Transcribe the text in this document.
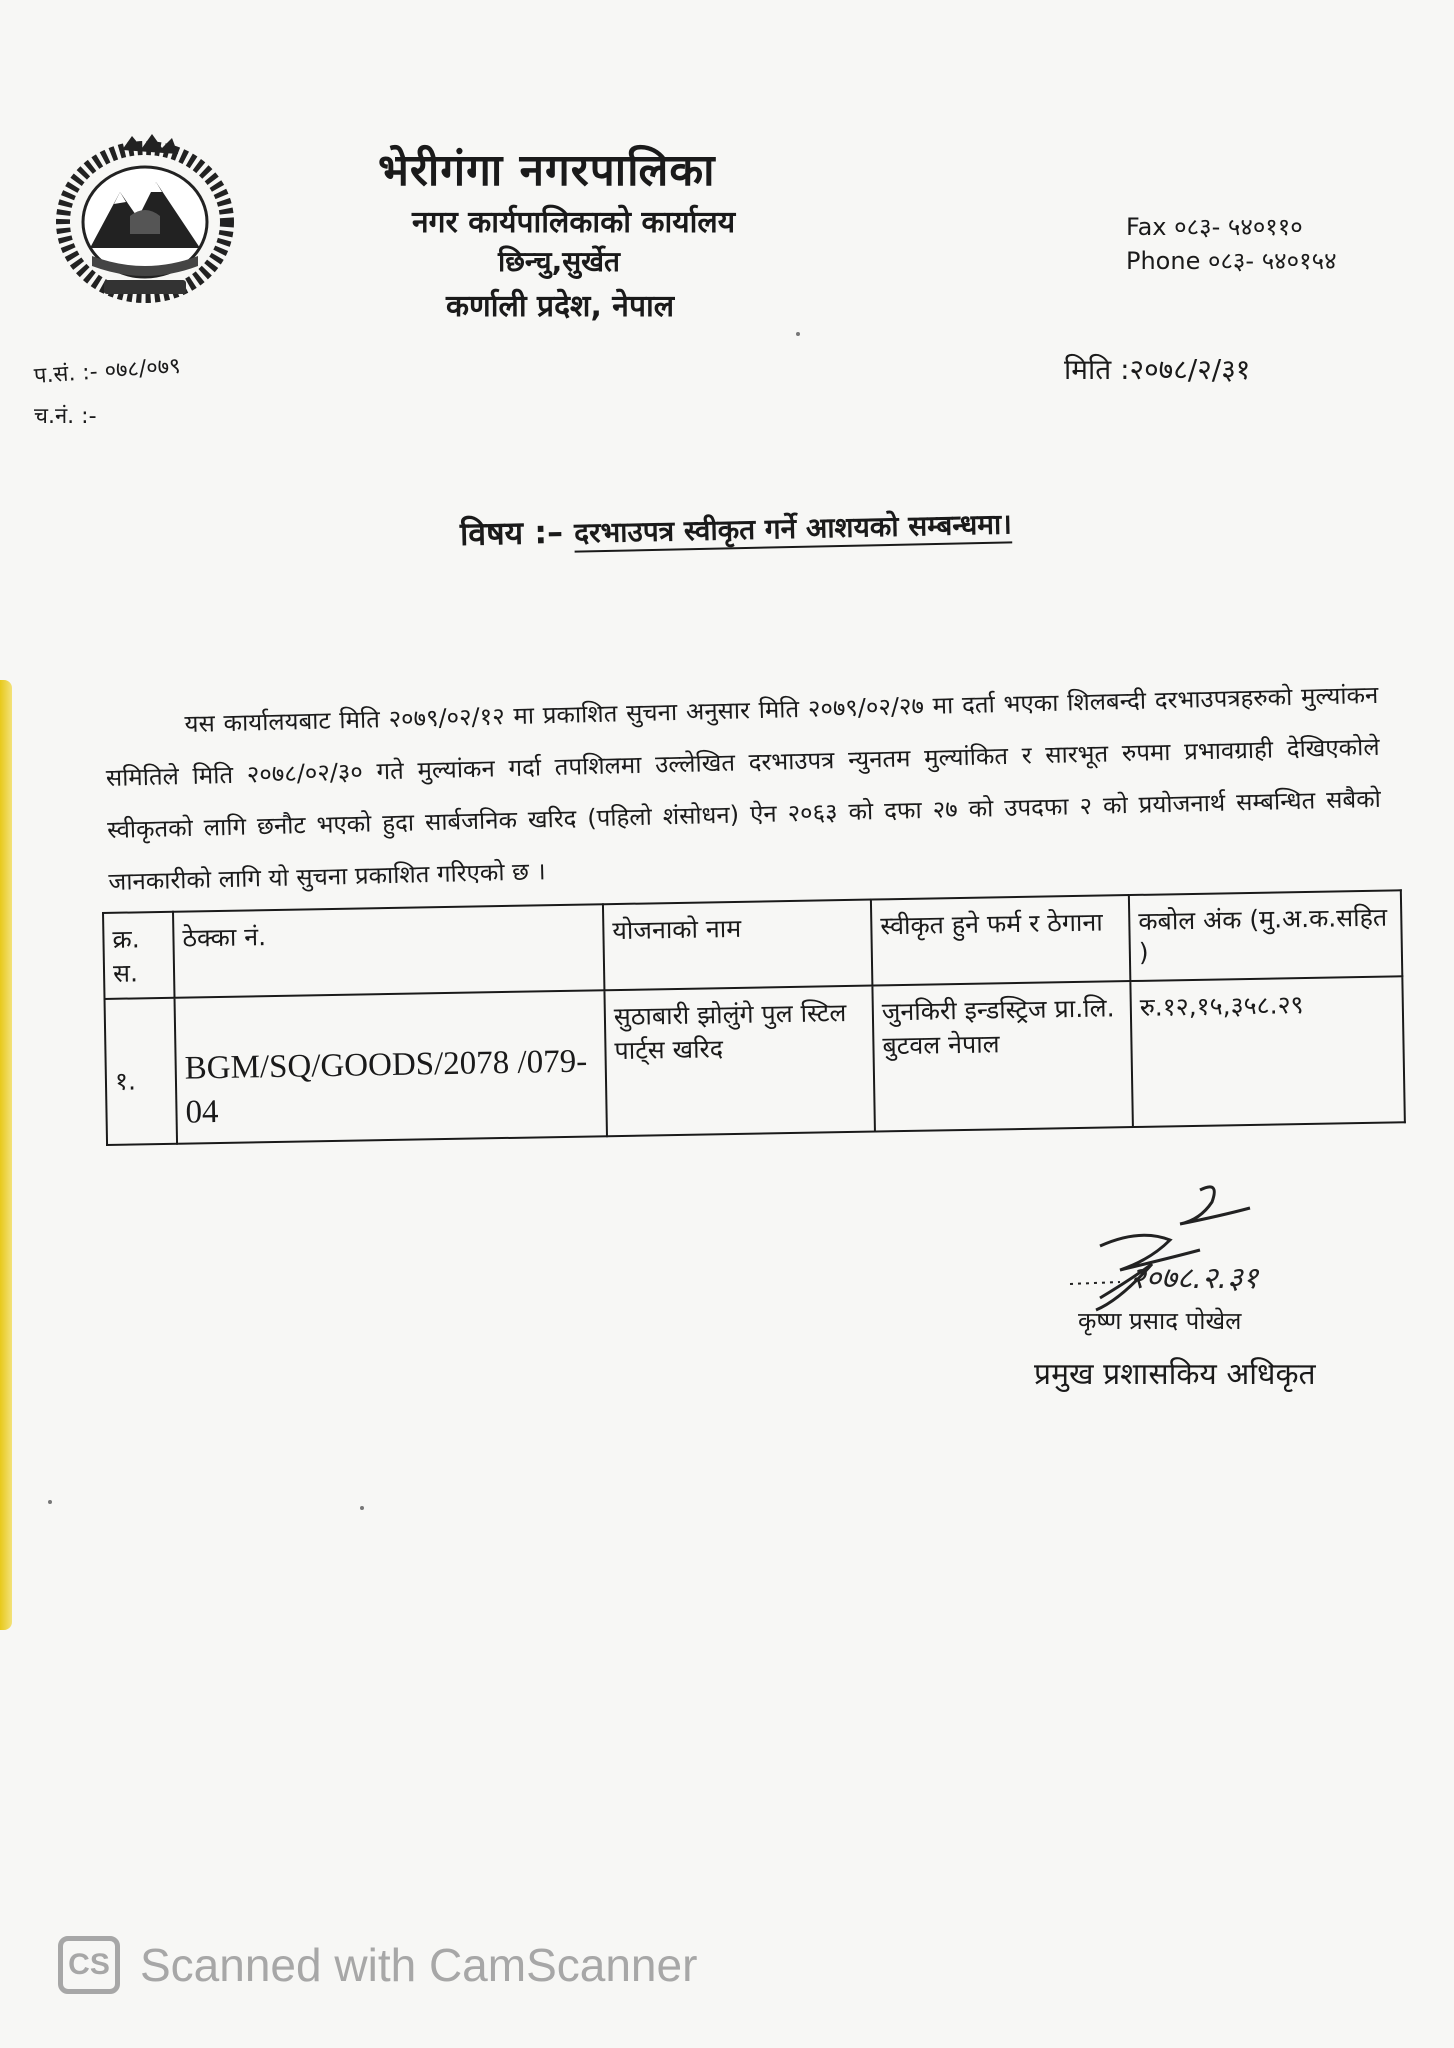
भेरीगंगा नगरपालिका
नगर कार्यपालिकाको कार्यालय
छिन्चु,सुर्खेत
कर्णाली प्रदेश, नेपाल
Fax ०८३- ५४०११०
Phone ०८३- ५४०१५४
प.सं. :- ०७८/०७९
च.नं. :-
मिति :२०७८/२/३१
विषय :– दरभाउपत्र स्वीकृत गर्ने आशयको सम्बन्धमा।

यस कार्यालयबाट मिति २०७९/०२/१२ मा प्रकाशित सुचना अनुसार मिति २०७९/०२/२७ मा दर्ता भएका शिलबन्दी दरभाउपत्रहरुको मुल्यांकन समितिले मिति २०७८/०२/३० गते मुल्यांकन गर्दा तपशिलमा उल्लेखित दरभाउपत्र न्युनतम मुल्यांकित र सारभूत रुपमा प्रभावग्राही देखिएकोले स्वीकृतको लागि छनौट भएको हुदा सार्बजनिक खरिद (पहिलो शंसोधन) ऐन २०६३ को दफा २७ को उपदफा २ को प्रयोजनार्थ सम्बन्धित सबैको जानकारीको लागि यो सुचना प्रकाशित गरिएको छ ।

क्र. स.	ठेक्का नं.	योजनाको नाम	स्वीकृत हुने फर्म र ठेगाना	कबोल अंक (मु.अ.क.सहित )

१.	BGM/SQ/GOODS/2078 /079-04	सुठाबारी झोलुंगे पुल स्टिल पार्ट्स खरिद	जुनकिरी इन्डस्ट्रिज प्रा.लि. बुटवल नेपाल	रु.१२,१५,३५८.२९
२०७८.२.३१
कृष्ण प्रसाद पोखेल
प्रमुख प्रशासकिय अधिकृत
CS Scanned with CamScanner
